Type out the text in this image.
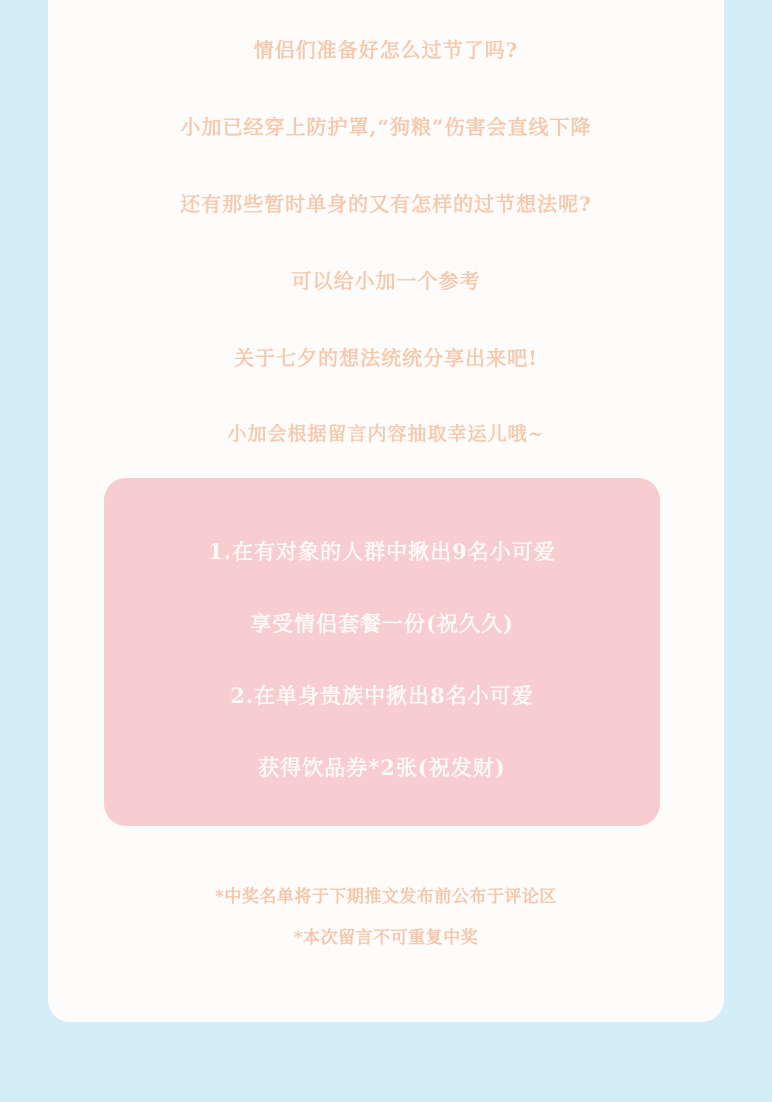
情侣们准备好怎么过节了吗?

小加已经穿上防护罩,“狗粮”伤害会直线下降

还有那些暂时单身的又有怎样的过节想法呢?

可以给小加一个参考

关于七夕的想法统统分享出来吧!

小加会根据留言内容抽取幸运儿哦~

1.在有对象的人群中揪出9名小可爱

享受情侣套餐一份(祝久久)

2.在单身贵族中揪出8名小可爱

获得饮品券*2张(祝发财)

*中奖名单将于下期推文发布前公布于评论区

*本次留言不可重复中奖
